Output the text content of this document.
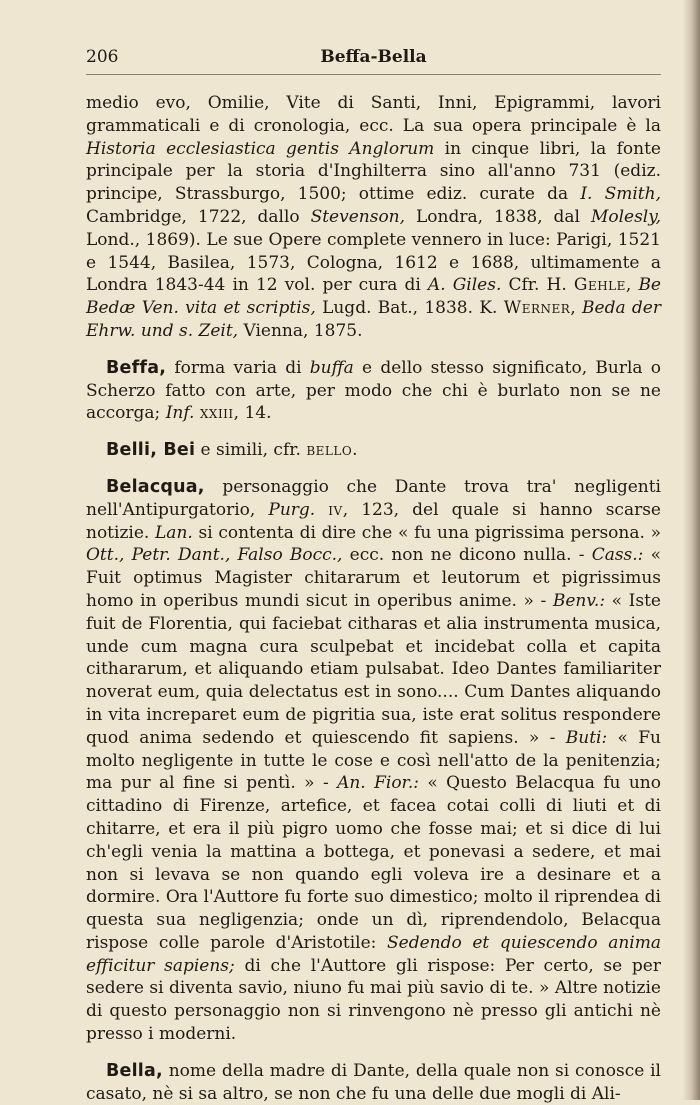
206	Beffa-Bella

medio evo, Omilie, Vite di Santi, Inni, Epigrammi, lavori grammaticali e di cronologia, ecc. La sua opera principale è la Historia ecclesiastica gentis Anglorum in cinque libri, la fonte principale per la storia d'Inghilterra sino all'anno 731 (ediz. principe, Strassburgo, 1500; ottime ediz. curate da I. Smith, Cambridge, 1722, dallo Stevenson, Londra, 1838, dal Molesly, Lond., 1869). Le sue Opere complete vennero in luce: Parigi, 1521 e 1544, Basilea, 1573, Cologna, 1612 e 1688, ultimamente a Londra 1843-44 in 12 vol. per cura di A. Giles. Cfr. H. Gehle, Be Bedæ Ven. vita et scriptis, Lugd. Bat., 1838. K. Werner, Beda der Ehrw. und s. Zeit, Vienna, 1875.

Beffa, forma varia di buffa e dello stesso significato, Burla o Scherzo fatto con arte, per modo che chi è burlato non se ne accorga; Inf. xxiii, 14.

Belli, Bei e simili, cfr. bello.

Belacqua, personaggio che Dante trova tra' negligenti nell'Antipurgatorio, Purg. iv, 123, del quale si hanno scarse notizie. Lan. si contenta di dire che « fu una pigrissima persona. » Ott., Petr. Dant., Falso Bocc., ecc. non ne dicono nulla. - Cass.: « Fuit optimus Magister chitararum et leutorum et pigrissimus homo in operibus mundi sicut in operibus anime. » - Benv.: « Iste fuit de Florentia, qui faciebat citharas et alia instrumenta musica, unde cum magna cura sculpebat et incidebat colla et capita cithararum, et aliquando etiam pulsabat. Ideo Dantes familiariter noverat eum, quia delectatus est in sono.... Cum Dantes aliquando in vita increparet eum de pigritia sua, iste erat solitus respondere quod anima sedendo et quiescendo fit sapiens. » - Buti: « Fu molto negligente in tutte le cose e così nell'atto de la penitenzia; ma pur al fine si pentì. » - An. Fior.: « Questo Belacqua fu uno cittadino di Firenze, artefice, et facea cotai colli di liuti et di chitarre, et era il più pigro uomo che fosse mai; et si dice di lui ch'egli venia la mattina a bottega, et ponevasi a sedere, et mai non si levava se non quando egli voleva ire a desinare et a dormire. Ora l'Auttore fu forte suo dimestico; molto il riprendea di questa sua negligenzia; onde un dì, riprendendolo, Belacqua rispose colle parole d'Aristotile: Sedendo et quiescendo anima efficitur sapiens; di che l'Auttore gli rispose: Per certo, se per sedere si diventa savio, niuno fu mai più savio di te. » Altre notizie di questo personaggio non si rinvengono nè presso gli antichi nè presso i moderni.

Bella, nome della madre di Dante, della quale non si conosce il casato, nè si sa altro, se non che fu una delle due mogli di Ali-
